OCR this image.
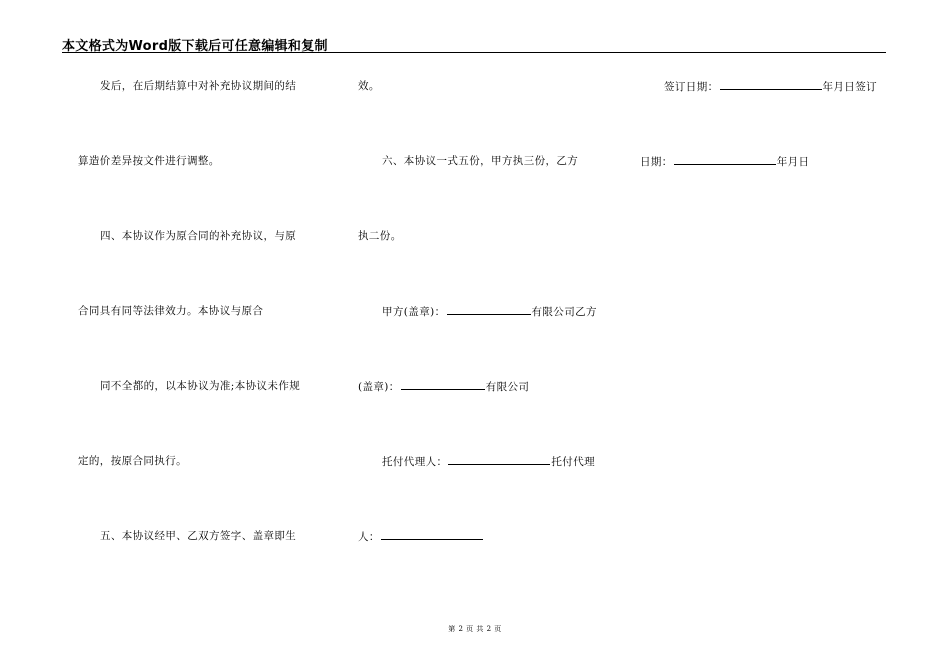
本文格式为Word版下载后可任意编辑和复制
发后，在后期结算中对补充协议期间的结
算造价差异按文件进行调整。
四、本协议作为原合同的补充协议，与原
合同具有同等法律效力。本协议与原合
同不全都的，以本协议为准;本协议未作规
定的，按原合同执行。
五、本协议经甲、乙双方签字、盖章即生
效。
六、本协议一式五份，甲方执三份，乙方
执二份。
甲方(盖章)：	有限公司乙方
(盖章)：	有限公司
托付代理人：	托付代理
人：
签订日期：	年月日签订
日期：	年月日
第 2 页 共 2 页
